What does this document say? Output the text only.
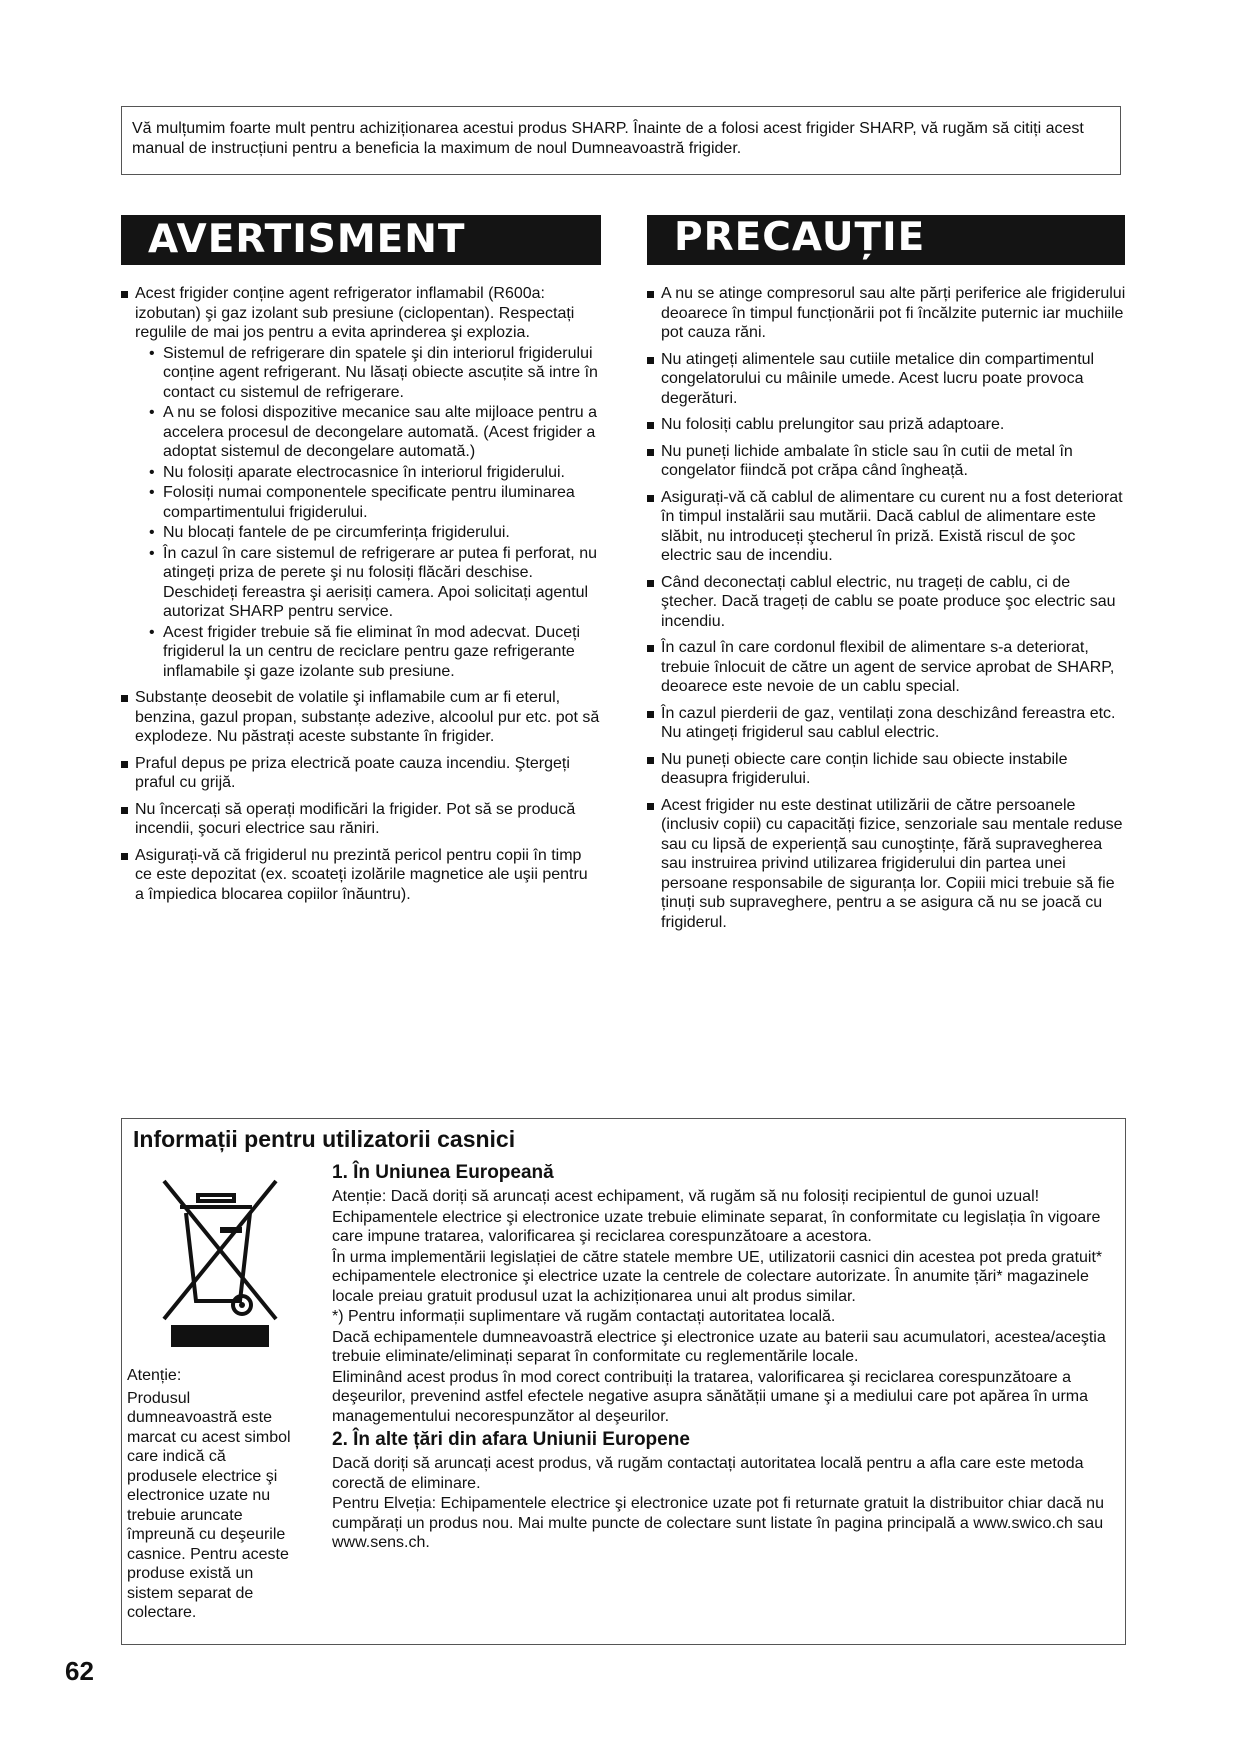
Vă mulțumim foarte mult pentru achiziționarea acestui produs SHARP. Înainte de a folosi acest frigider SHARP, vă rugăm să citiți acest manual de instrucțiuni pentru a beneficia la maximum de noul Dumneavoastră frigider.

AVERTISMENT	PRECAUȚIE
Acest frigider conține agent refrigerator inflamabil (R600a: izobutan) şi gaz izolant sub presiune (ciclopentan). Respectați regulile de mai jos pentru a evita aprinderea şi explozia.
• Sistemul de refrigerare din spatele şi din interiorul frigiderului conține agent refrigerant. Nu lăsați obiecte ascuțite să intre în contact cu sistemul de refrigerare.
• A nu se folosi dispozitive mecanice sau alte mijloace pentru a accelera procesul de decongelare automată. (Acest frigider a adoptat sistemul de decongelare automată.)
• Nu folosiți aparate electrocasnice în interiorul frigiderului.
• Folosiți numai componentele specificate pentru iluminarea compartimentului frigiderului.
• Nu blocați fantele de pe circumferința frigiderului.
• În cazul în care sistemul de refrigerare ar putea fi perforat, nu atingeți priza de perete şi nu folosiți flăcări deschise. Deschideți fereastra şi aerisiți camera. Apoi solicitați agentul autorizat SHARP pentru service.
• Acest frigider trebuie să fie eliminat în mod adecvat. Duceți frigiderul la un centru de reciclare pentru gaze refrigerante inflamabile şi gaze izolante sub presiune.
Substanțe deosebit de volatile şi inflamabile cum ar fi eterul, benzina, gazul propan, substanțe adezive, alcoolul pur etc. pot să explodeze. Nu păstrați aceste substante în frigider.
Praful depus pe priza electrică poate cauza incendiu. Ştergeți praful cu grijă.
Nu încercați să operați modificări la frigider. Pot să se producă incendii, şocuri electrice sau răniri.
Asigurați-vă că frigiderul nu prezintă pericol pentru copii în timp ce este depozitat (ex. scoateți izolările magnetice ale uşii pentru a împiedica blocarea copiilor înăuntru).
A nu se atinge compresorul sau alte părți periferice ale frigiderului deoarece în timpul funcționării pot fi încălzite puternic iar muchiile pot cauza răni.
Nu atingeți alimentele sau cutiile metalice din compartimentul congelatorului cu mâinile umede. Acest lucru poate provoca degerături.
Nu folosiți cablu prelungitor sau priză adaptoare.
Nu puneți lichide ambalate în sticle sau în cutii de metal în congelator fiindcă pot crăpa când îngheață.
Asigurați-vă că cablul de alimentare cu curent nu a fost deteriorat în timpul instalării sau mutării. Dacă cablul de alimentare este slăbit, nu introduceți ştecherul în priză. Există riscul de şoc electric sau de incendiu.
Când deconectați cablul electric, nu trageți de cablu, ci de ştecher. Dacă trageți de cablu se poate produce şoc electric sau incendiu.
În cazul în care cordonul flexibil de alimentare s-a deteriorat, trebuie înlocuit de către un agent de service aprobat de SHARP, deoarece este nevoie de un cablu special.
În cazul pierderii de gaz, ventilați zona deschizând fereastra etc. Nu atingeți frigiderul sau cablul electric.
Nu puneți obiecte care conțin lichide sau obiecte instabile deasupra frigiderului.
Acest frigider nu este destinat utilizării de către persoanele (inclusiv copii) cu capacități fizice, senzoriale sau mentale reduse sau cu lipsă de experiență sau cunoştințe, fără supravegherea sau instruirea privind utilizarea frigiderului din partea unei persoane responsabile de siguranța lor. Copiii mici trebuie să fie ținuți sub supraveghere, pentru a se asigura că nu se joacă cu frigiderul.
Informații pentru utilizatorii casnici
Atenție:
Produsul dumneavoastră este marcat cu acest simbol care indică că produsele electrice şi electronice uzate nu trebuie aruncate împreună cu deşeurile casnice. Pentru aceste produse există un sistem separat de colectare.
1. În Uniunea Europeană

Atenție: Dacă doriți să aruncați acest echipament, vă rugăm să nu folosiți recipientul de gunoi uzual!

Echipamentele electrice şi electronice uzate trebuie eliminate separat, în conformitate cu legislația în vigoare care impune tratarea, valorificarea şi reciclarea corespunzătoare a acestora.

În urma implementării legislației de către statele membre UE, utilizatorii casnici din acestea pot preda gratuit* echipamentele electronice şi electrice uzate la centrele de colectare autorizate. În anumite țări* magazinele locale preiau gratuit produsul uzat la achiziționarea unui alt produs similar.

*) Pentru informații suplimentare vă rugăm contactați autoritatea locală.

Dacă echipamentele dumneavoastră electrice şi electronice uzate au baterii sau acumulatori, acestea/aceştia trebuie eliminate/eliminați separat în conformitate cu reglementările locale.

Eliminând acest produs în mod corect contribuiți la tratarea, valorificarea şi reciclarea corespunzătoare a deşeurilor, prevenind astfel efectele negative asupra sănătății umane şi a mediului care pot apărea în urma managementului necorespunzător al deşeurilor.

2. În alte țări din afara Uniunii Europene

Dacă doriți să aruncați acest produs, vă rugăm contactați autoritatea locală pentru a afla care este metoda corectă de eliminare.

Pentru Elveția: Echipamentele electrice şi electronice uzate pot fi returnate gratuit la distribuitor chiar dacă nu cumpărați un produs nou. Mai multe puncte de colectare sunt listate în pagina principală a www.swico.ch sau www.sens.ch.

62
